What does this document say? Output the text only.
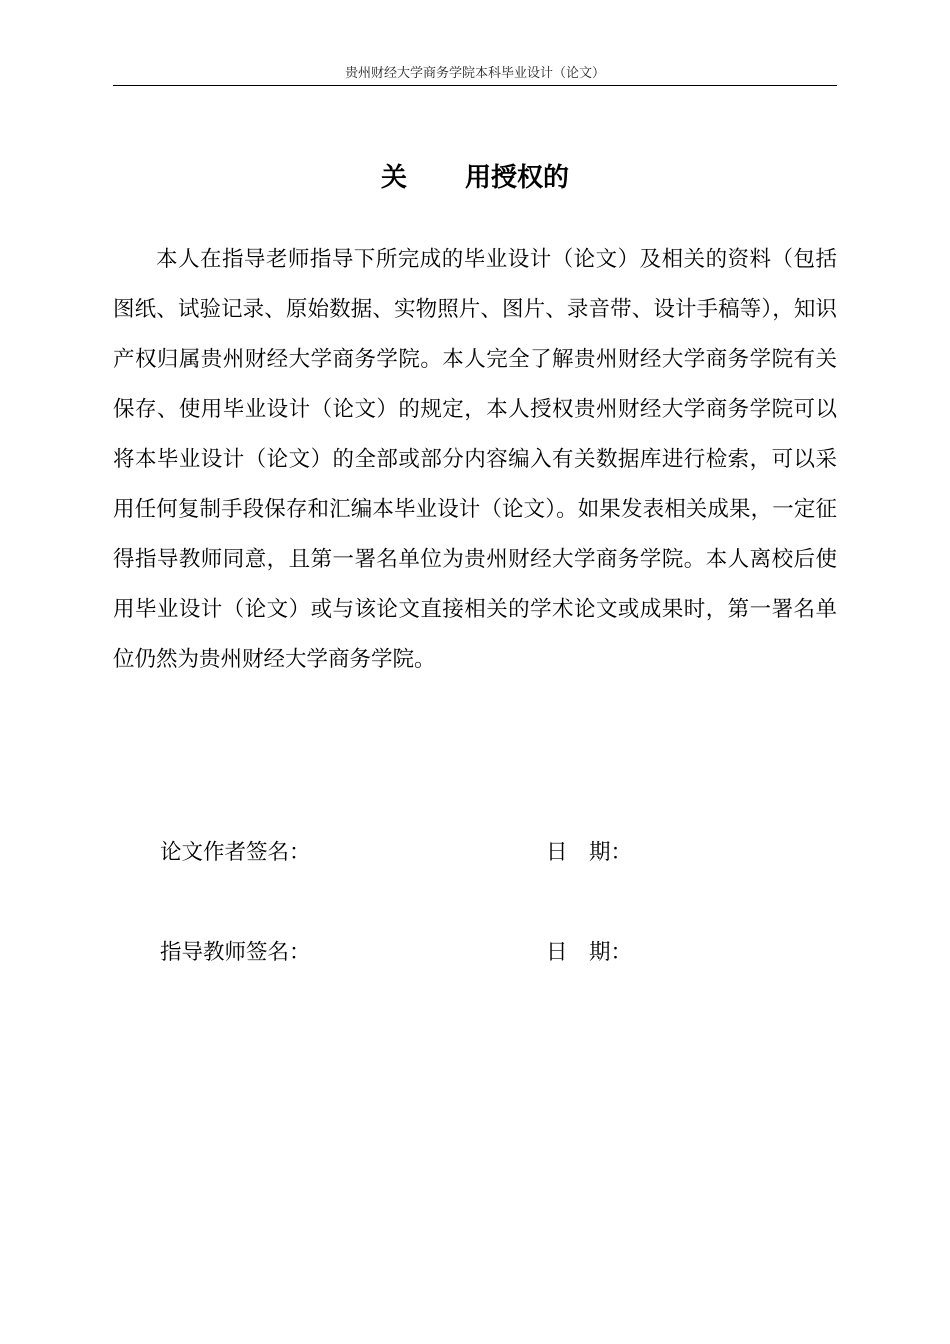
贵州财经大学商务学院本科毕业设计（论文）
关 用授权的

本人在指导老师指导下所完成的毕业设计（论文）及相关的资料（包括图纸、试验记录、原始数据、实物照片、图片、录音带、设计手稿等），知识产权归属贵州财经大学商务学院。本人完全了解贵州财经大学商务学院有关保存、使用毕业设计（论文）的规定，本人授权贵州财经大学商务学院可以将本毕业设计（论文）的全部或部分内容编入有关数据库进行检索，可以采用任何复制手段保存和汇编本毕业设计（论文）。如果发表相关成果，一定征得指导教师同意，且第一署名单位为贵州财经大学商务学院。本人离校后使用毕业设计（论文）或与该论文直接相关的学术论文或成果时，第一署名单位仍然为贵州财经大学商务学院。

论文作者签名：	日　期：
指导教师签名：	日　期：
